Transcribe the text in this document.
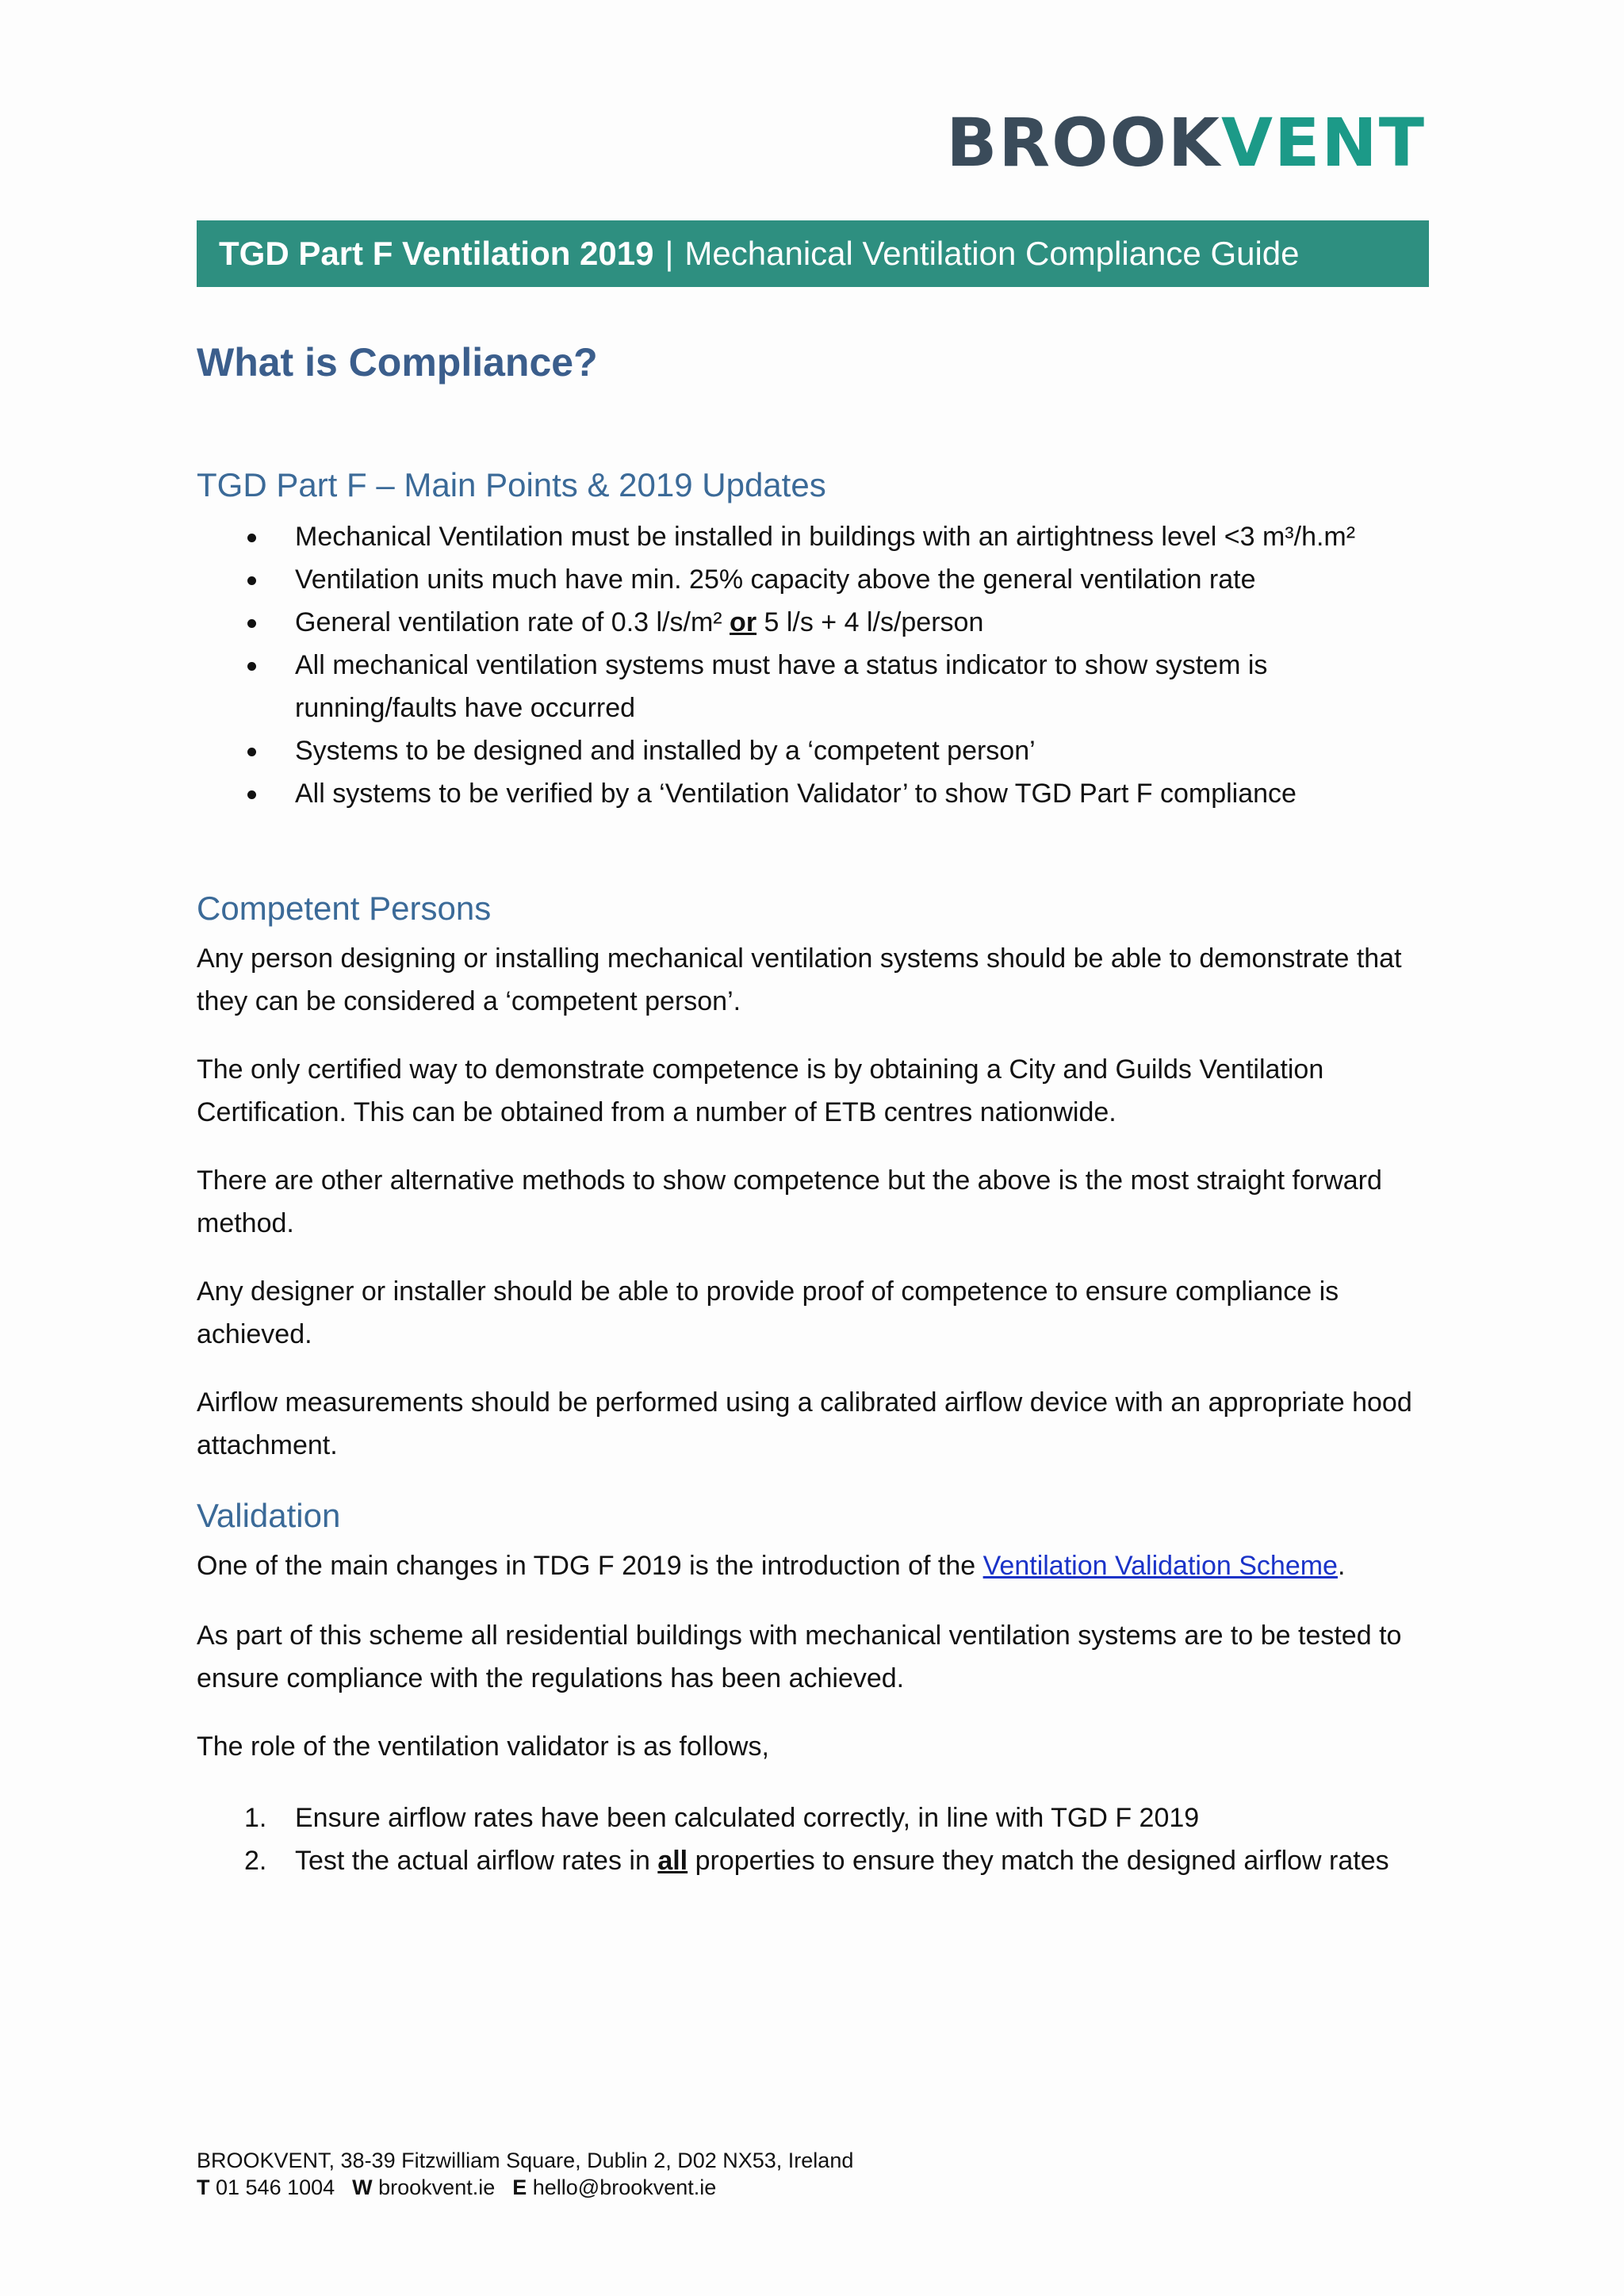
BROOKVENT
TGD Part F Ventilation 2019 | Mechanical Ventilation Compliance Guide
What is Compliance?
TGD Part F – Main Points & 2019 Updates
Mechanical Ventilation must be installed in buildings with an airtightness level <3 m³/h.m²
Ventilation units much have min. 25% capacity above the general ventilation rate
General ventilation rate of 0.3 l/s/m² or 5 l/s + 4 l/s/person
All mechanical ventilation systems must have a status indicator to show system is running/faults have occurred
Systems to be designed and installed by a ‘competent person’
All systems to be verified by a ‘Ventilation Validator’ to show TGD Part F compliance
Competent Persons
Any person designing or installing mechanical ventilation systems should be able to demonstrate that they can be considered a ‘competent person’.
The only certified way to demonstrate competence is by obtaining a City and Guilds Ventilation Certification. This can be obtained from a number of ETB centres nationwide.
There are other alternative methods to show competence but the above is the most straight forward method.
Any designer or installer should be able to provide proof of competence to ensure compliance is achieved.
Airflow measurements should be performed using a calibrated airflow device with an appropriate hood attachment.
Validation
One of the main changes in TDG F 2019 is the introduction of the Ventilation Validation Scheme.
As part of this scheme all residential buildings with mechanical ventilation systems are to be tested to ensure compliance with the regulations has been achieved.
The role of the ventilation validator is as follows,
1. Ensure airflow rates have been calculated correctly, in line with TGD F 2019
2. Test the actual airflow rates in all properties to ensure they match the designed airflow rates
BROOKVENT, 38-39 Fitzwilliam Square, Dublin 2, D02 NX53, Ireland
T 01 546 1004 W brookvent.ie E hello@brookvent.ie
